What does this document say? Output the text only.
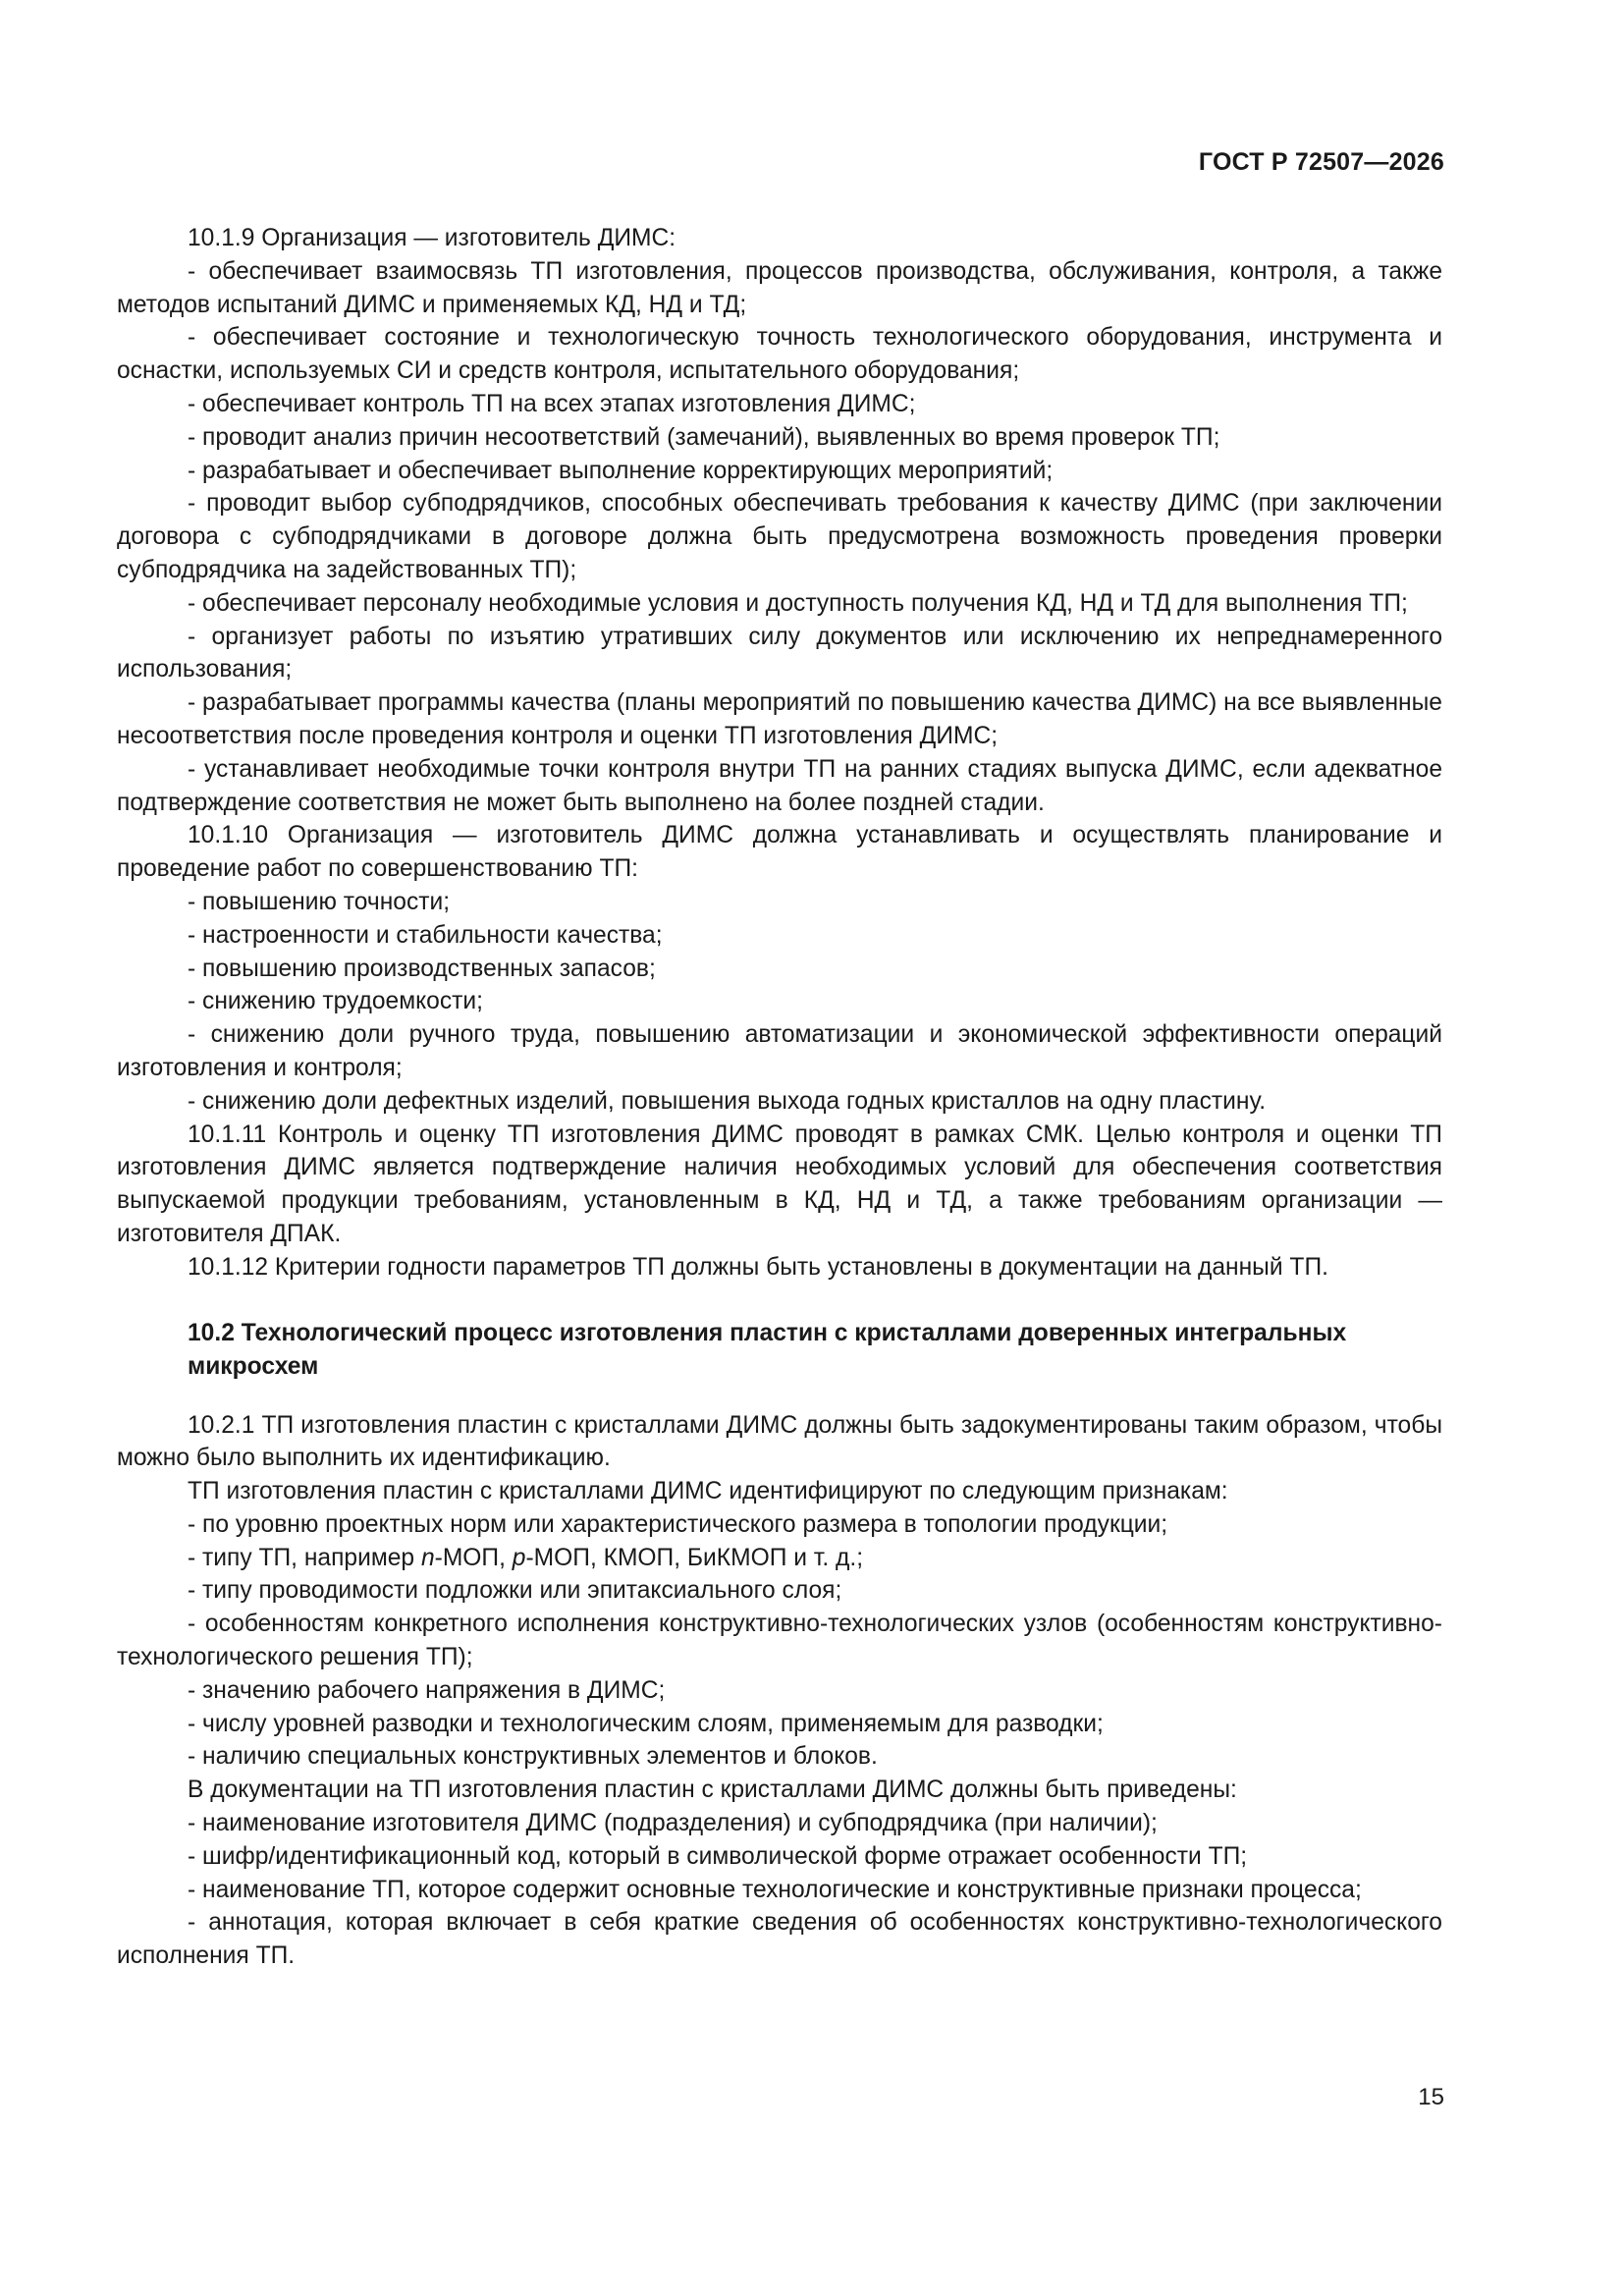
ГОСТ Р 72507—2026

10.1.9 Организация — изготовитель ДИМС:

- обеспечивает взаимосвязь ТП изготовления, процессов производства, обслуживания, контроля, а также методов испытаний ДИМС и применяемых КД, НД и ТД;

- обеспечивает состояние и технологическую точность технологического оборудования, инструмента и оснастки, используемых СИ и средств контроля, испытательного оборудования;

- обеспечивает контроль ТП на всех этапах изготовления ДИМС;

- проводит анализ причин несоответствий (замечаний), выявленных во время проверок ТП;

- разрабатывает и обеспечивает выполнение корректирующих мероприятий;

- проводит выбор субподрядчиков, способных обеспечивать требования к качеству ДИМС (при заключении договора с субподрядчиками в договоре должна быть предусмотрена возможность проведения проверки субподрядчика на задействованных ТП);

- обеспечивает персоналу необходимые условия и доступность получения КД, НД и ТД для выполнения ТП;

- организует работы по изъятию утративших силу документов или исключению их непреднамеренного использования;

- разрабатывает программы качества (планы мероприятий по повышению качества ДИМС) на все выявленные несоответствия после проведения контроля и оценки ТП изготовления ДИМС;

- устанавливает необходимые точки контроля внутри ТП на ранних стадиях выпуска ДИМС, если адекватное подтверждение соответствия не может быть выполнено на более поздней стадии.

10.1.10 Организация — изготовитель ДИМС должна устанавливать и осуществлять планирование и проведение работ по совершенствованию ТП:

- повышению точности;

- настроенности и стабильности качества;

- повышению производственных запасов;

- снижению трудоемкости;

- снижению доли ручного труда, повышению автоматизации и экономической эффективности операций изготовления и контроля;

- снижению доли дефектных изделий, повышения выхода годных кристаллов на одну пластину.

10.1.11 Контроль и оценку ТП изготовления ДИМС проводят в рамках СМК. Целью контроля и оценки ТП изготовления ДИМС является подтверждение наличия необходимых условий для обеспечения соответствия выпускаемой продукции требованиям, установленным в КД, НД и ТД, а также требованиям организации — изготовителя ДПАК.

10.1.12 Критерии годности параметров ТП должны быть установлены в документации на данный ТП.

10.2 Технологический процесс изготовления пластин с кристаллами доверенных интегральных микросхем

10.2.1 ТП изготовления пластин с кристаллами ДИМС должны быть задокументированы таким образом, чтобы можно было выполнить их идентификацию.

ТП изготовления пластин с кристаллами ДИМС идентифицируют по следующим признакам:

- по уровню проектных норм или характеристического размера в топологии продукции;

- типу ТП, например n-МОП, p-МОП, КМОП, БиКМОП и т. д.;

- типу проводимости подложки или эпитаксиального слоя;

- особенностям конкретного исполнения конструктивно-технологических узлов (особенностям конструктивно-технологического решения ТП);

- значению рабочего напряжения в ДИМС;

- числу уровней разводки и технологическим слоям, применяемым для разводки;

- наличию специальных конструктивных элементов и блоков.

В документации на ТП изготовления пластин с кристаллами ДИМС должны быть приведены:

- наименование изготовителя ДИМС (подразделения) и субподрядчика (при наличии);

- шифр/идентификационный код, который в символической форме отражает особенности ТП;

- наименование ТП, которое содержит основные технологические и конструктивные признаки процесса;

- аннотация, которая включает в себя краткие сведения об особенностях конструктивно-технологического исполнения ТП.

15
